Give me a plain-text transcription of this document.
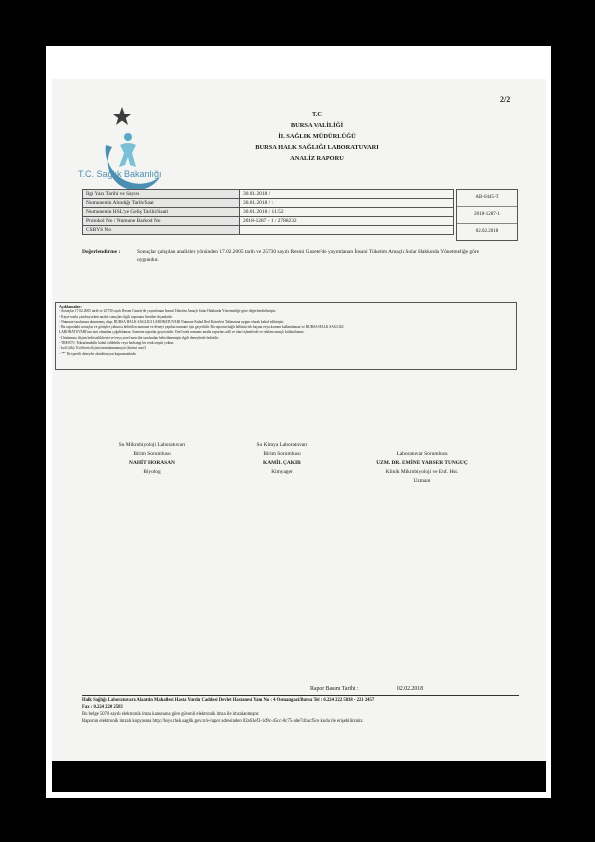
2/2
T.C. Sağlık Bakanlığı
T.C
BURSA VALİLİĞİ
İL SAĞLIK MÜDÜRLÜĞÜ
BURSA HALK SAĞLIĞI LABORATUVARI
ANALİZ RAPORU
İlgi Yazı Tarihi ve Sayısı	30.01.2018 /
Numunenin Alındığı Tarih/Saat	30.01.2018 / :
Numunenin HSL'ye Geliş Tarihi/Saati	30.01.2018 / 11:52
Protokol No / Numune Barkod No	2018-1287 - 1 / 2788232
CSBYS No	
AB-0445-T
2018-1287-1
02.02.2018
Değerlendirme :	Sonuçlar çalışılan analizler yönünden 17.02.2005 tarih ve 25730 sayılı Resmi Gazete'de yayımlanan İnsani Tüketim Amaçlı Sular Hakkında Yönetmeliğe göre uygundur.
Açıklamalar:
- Sonuçlar 17.02.2005 tarih ve 25730 sayılı Resmi Gazete'de yayımlanan İnsani Tüketim Amaçlı Sular Hakkında Yönetmeliğe göre değerlendirilmiştir.
- Kayıt-sonlu yazdırıyorken analiz sonuçları ilgili raporunu limitleri dışındadır.
- Numune tarafımıza alınmamış olup, BURSA HALK SAĞLIĞI LABORATUVARI Numune Kabul Red Kriterleri Talimatına uygun olarak kabul edilmiştir.
- Bu rapordaki sonuçlar ve görüşler yalnızca belirtilen numune ve deneyi yapılan numune için geçerlidir. Bu raporun bağlı bölümü tek başına veya kısmen kullanılamaz ve BURSA HALK SAĞLIĞI
LABORATUVARI'nın izni olmadan çoğaltılamaz. İstenene raporlar geçersizdir. Özel istek numune analiz raporları adli ve idari işlemlerde ve reklam amaçlı kullanılamaz.
- Ortalaması ölçüm belirsizliklerini ve/veya yerel merciler tarafından belirtilmemiştir ilgili deneylerde belirtilir.
- TRESTV: Tekrarlanabilir kabul edilebilir veya herhangi bir renk tespiti yoktur.
- koli (clk): Koliform ölçüm tanımlanmamıştır (birinci sınıf)
- "*" İle işaretli deneyler akreditasyon kapsamındadır.
Su Mikrobiyoloji Laboratuvarı
Birim Sorumlusu
NAHİT HORASAN
Biyolog
Su Kimya Laboratuvarı
Birim Sorumlusu
KAMİL ÇAKIR
Kimyager
Laboratuvar Sorumlusu
UZM. DR. EMİNE YARSER TUNGUÇ
Klinik Mikrobiyoloji ve Enf. Hst.
Uzmanı
Rapor Basım Tarihi :	02.02.2018
Halk Sağlığı Laboratuvarı:Alaattin Mahallesi Hasta Yurdu Caddesi Devlet Hastanesi Yanı No : 4 Osmangazi/Bursa Tel : 0.224 222 5838 - 221 2457
Fax : 0.224 220 2583
Bu belge 5070 sayılı elektronik imza kanununa göre güvenli elektronik imza ile imzalanmıştır.
Raporun elektronik imzalı kopyasına http://hsys.thsk.saglik.gov.tr/e-rapor adresinden 02a63ef3-1d9c-45cc-8c75-abe7d1acf5ce kodu ile erişebilirsiniz.
